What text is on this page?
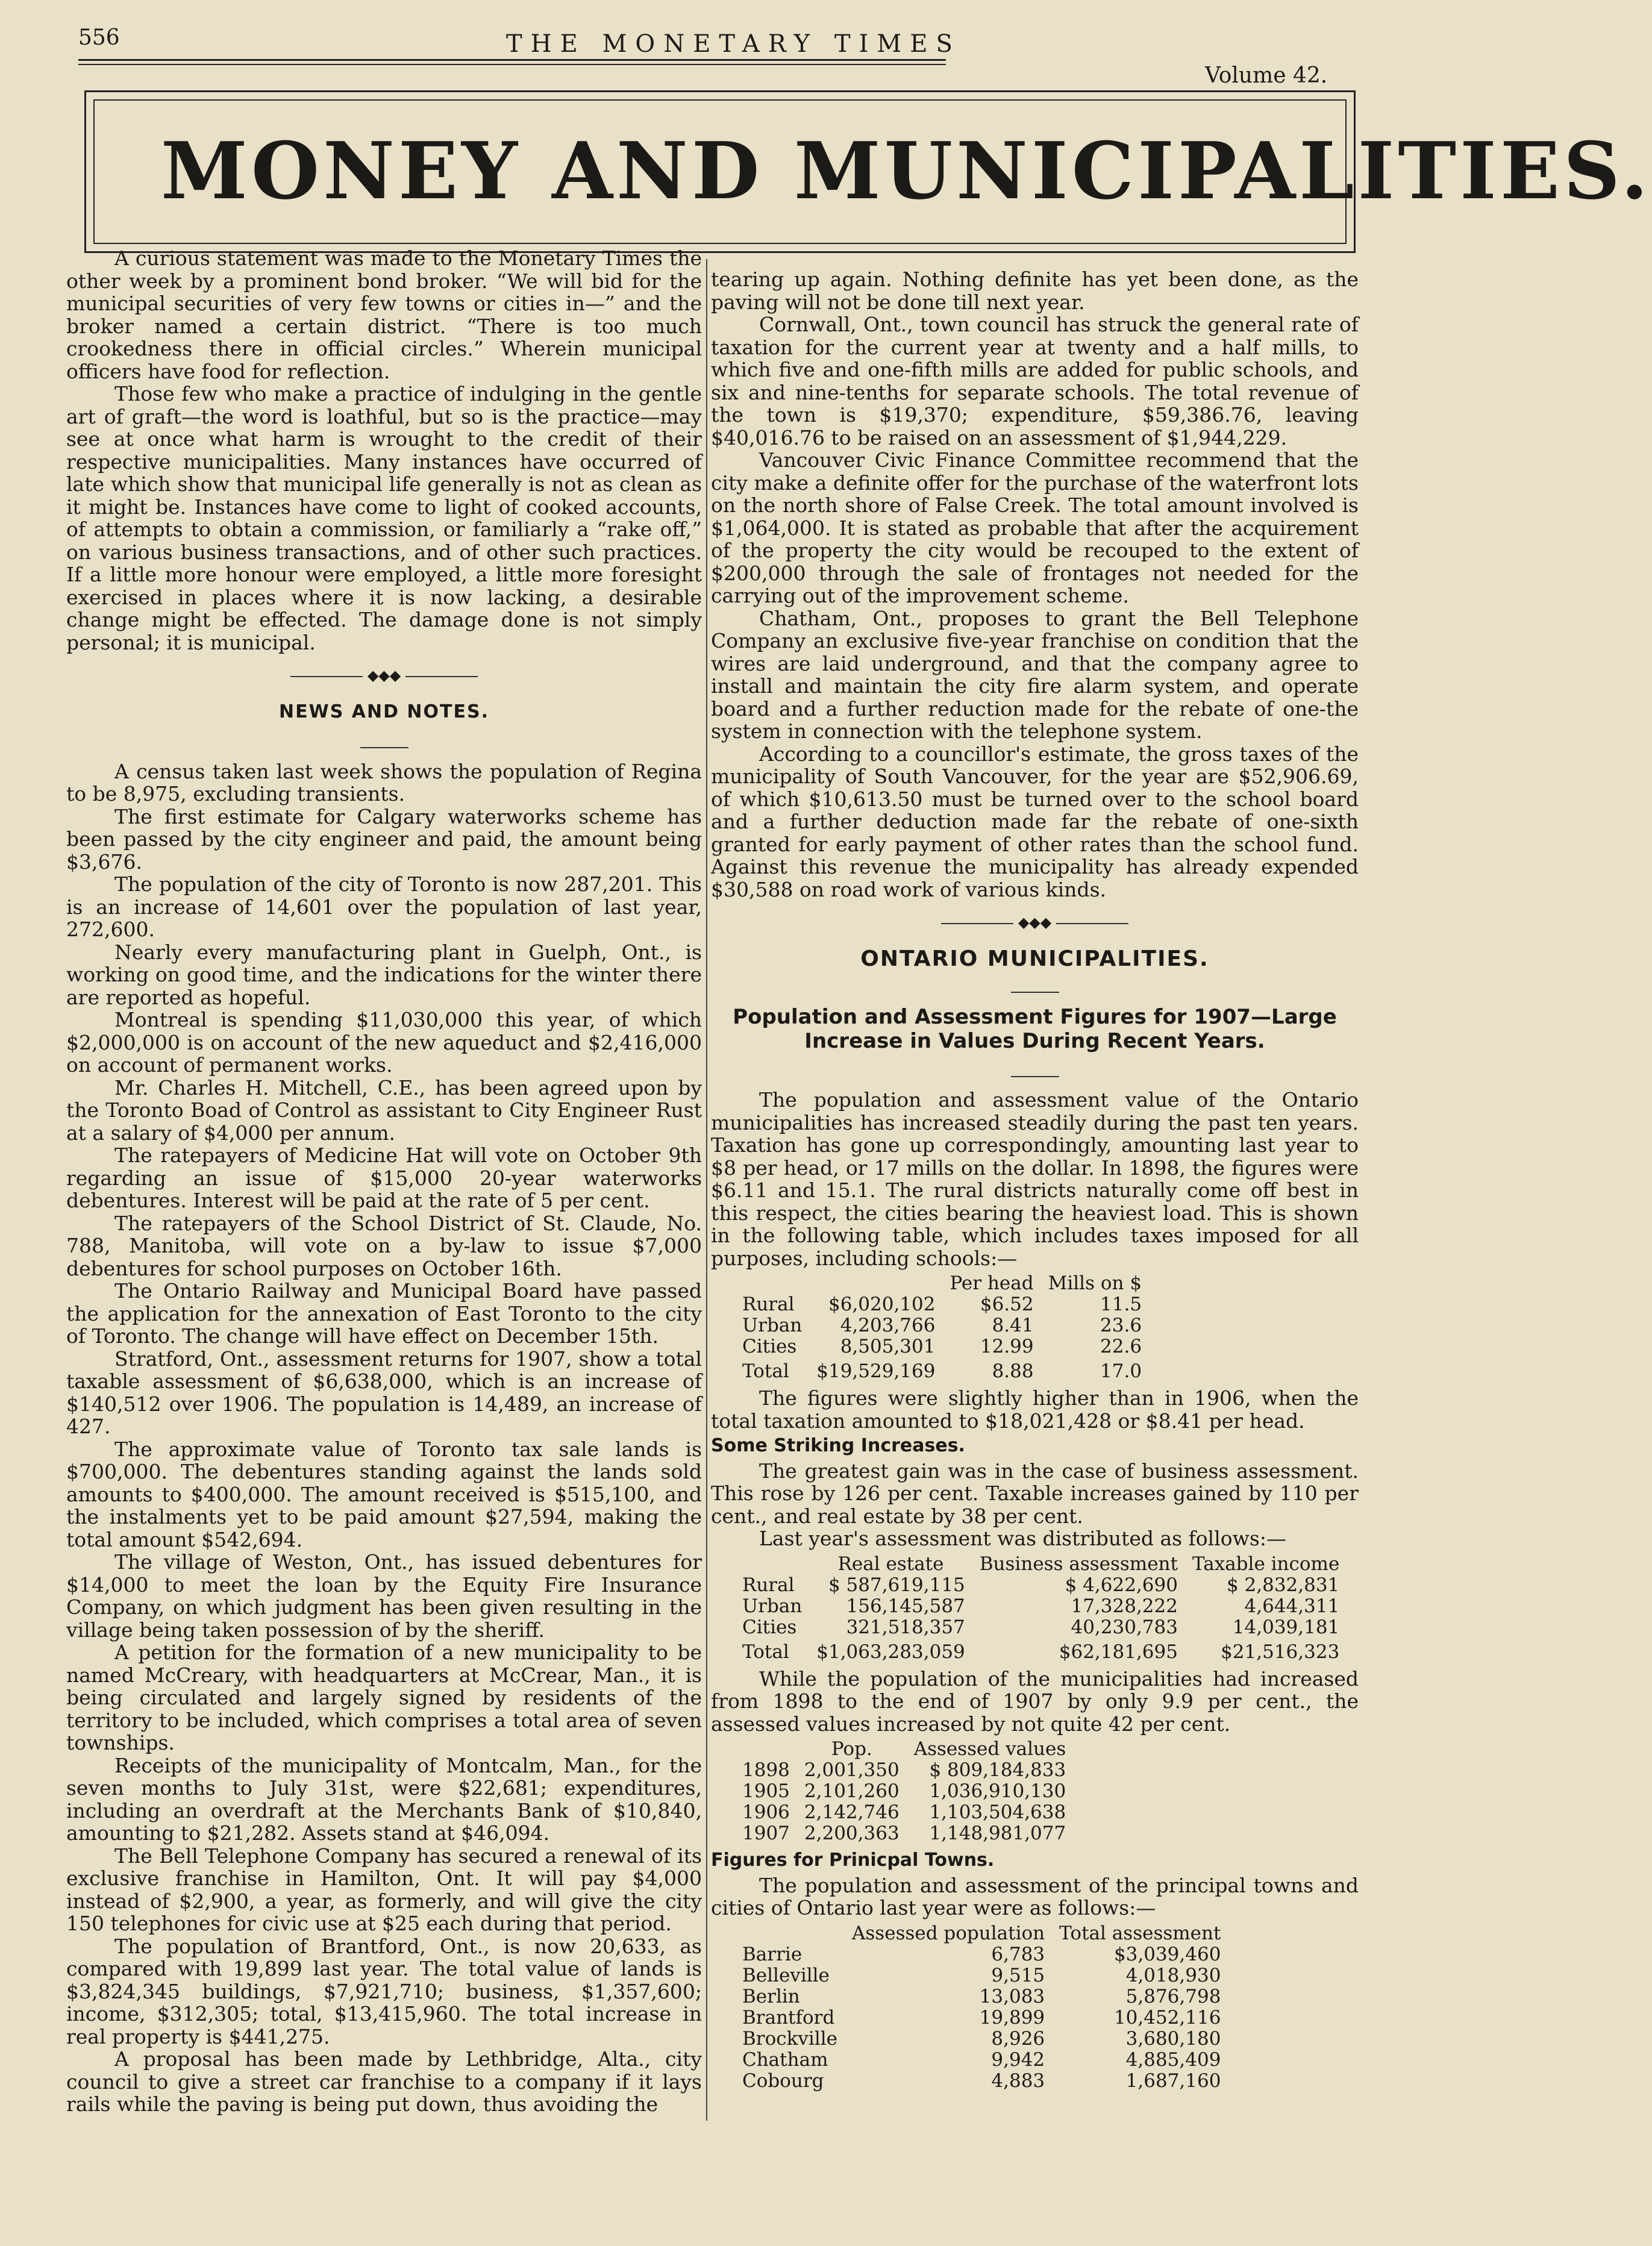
556	THE MONETARY TIMES
Volume 42.
MONEY AND MUNICIPALITIES.

A curious statement was made to the Monetary Times the other week by a prominent bond broker. “We will bid for the municipal securities of very few towns or cities in—” and the broker named a certain district. “There is too much crookedness there in official circles.” Wherein municipal officers have food for reflection.

Those few who make a practice of indulging in the gentle art of graft—the word is loathful, but so is the practice—may see at once what harm is wrought to the credit of their respective municipalities. Many instances have occurred of late which show that municipal life generally is not as clean as it might be. Instances have come to light of cooked accounts, of attempts to obtain a commission, or familiarly a “rake off,” on various business transactions, and of other such practices. If a little more honour were employed, a little more foresight exercised in places where it is now lacking, a desirable change might be effected. The damage done is not simply personal; it is municipal.

◆◆◆
NEWS AND NOTES.

A census taken last week shows the population of Regina to be 8,975, excluding transients.

The first estimate for Calgary waterworks scheme has been passed by the city engineer and paid, the amount being $3,676.

The population of the city of Toronto is now 287,201. This is an increase of 14,601 over the population of last year, 272,600.

Nearly every manufacturing plant in Guelph, Ont., is working on good time, and the indications for the winter there are reported as hopeful.

Montreal is spending $11,030,000 this year, of which $2,000,000 is on account of the new aqueduct and $2,416,000 on account of permanent works.

Mr. Charles H. Mitchell, C.E., has been agreed upon by the Toronto Boad of Control as assistant to City Engineer Rust at a salary of $4,000 per annum.

The ratepayers of Medicine Hat will vote on October 9th regarding an issue of $15,000 20-year waterworks debentures. Interest will be paid at the rate of 5 per cent.

The ratepayers of the School District of St. Claude, No. 788, Manitoba, will vote on a by-law to issue $7,000 debentures for school purposes on October 16th.

The Ontario Railway and Municipal Board have passed the application for the annexation of East Toronto to the city of Toronto. The change will have effect on December 15th.

Stratford, Ont., assessment returns for 1907, show a total taxable assessment of $6,638,000, which is an increase of $140,512 over 1906. The population is 14,489, an increase of 427.

The approximate value of Toronto tax sale lands is $700,000. The debentures standing against the lands sold amounts to $400,000. The amount received is $515,100, and the instalments yet to be paid amount $27,594, making the total amount $542,694.

The village of Weston, Ont., has issued debentures for $14,000 to meet the loan by the Equity Fire Insurance Company, on which judgment has been given resulting in the village being taken possession of by the sheriff.

A petition for the formation of a new municipality to be named McCreary, with headquarters at McCrear, Man., it is being circulated and largely signed by residents of the territory to be included, which comprises a total area of seven townships.

Receipts of the municipality of Montcalm, Man., for the seven months to July 31st, were $22,681; expenditures, including an overdraft at the Merchants Bank of $10,840, amounting to $21,282. Assets stand at $46,094.

The Bell Telephone Company has secured a renewal of its exclusive franchise in Hamilton, Ont. It will pay $4,000 instead of $2,900, a year, as formerly, and will give the city 150 telephones for civic use at $25 each during that period.

The population of Brantford, Ont., is now 20,633, as compared with 19,899 last year. The total value of lands is $3,824,345 buildings, $7,921,710; business, $1,357,600; income, $312,305; total, $13,415,960. The total increase in real property is $441,275.

A proposal has been made by Lethbridge, Alta., city council to give a street car franchise to a company if it lays rails while the paving is being put down, thus avoiding the

tearing up again. Nothing definite has yet been done, as the paving will not be done till next year.

Cornwall, Ont., town council has struck the general rate of taxation for the current year at twenty and a half mills, to which five and one-fifth mills are added for public schools, and six and nine-tenths for separate schools. The total revenue of the town is $19,370; expenditure, $59,386.76, leaving $40,016.76 to be raised on an assessment of $1,944,229.

Vancouver Civic Finance Committee recommend that the city make a definite offer for the purchase of the waterfront lots on the north shore of False Creek. The total amount involved is $1,064,000. It is stated as probable that after the acquirement of the property the city would be recouped to the extent of $200,000 through the sale of frontages not needed for the carrying out of the improvement scheme.

Chatham, Ont., proposes to grant the Bell Telephone Company an exclusive five-year franchise on condition that the wires are laid underground, and that the company agree to install and maintain the city fire alarm system, and operate board and a further reduction made for the rebate of one-the system in connection with the telephone system.

According to a councillor's estimate, the gross taxes of the municipality of South Vancouver, for the year are $52,906.69, of which $10,613.50 must be turned over to the school board and a further deduction made far the rebate of one-sixth granted for early payment of other rates than the school fund. Against this revenue the municipality has already expended $30,588 on road work of various kinds.

◆◆◆
ONTARIO MUNICIPALITIES.
Population and Assessment Figures for 1907—Large Increase in Values During Recent Years.

The population and assessment value of the Ontario municipalities has increased steadily during the past ten years. Taxation has gone up correspondingly, amounting last year to $8 per head, or 17 mills on the dollar. In 1898, the figures were $6.11 and 15.1. The rural districts naturally come off best in this respect, the cities bearing the heaviest load. This is shown in the following table, which includes taxes imposed for all purposes, including schools:—

		Per head	Mills on $
Rural	$6,020,102	$6.52	11.5
Urban	4,203,766	8.41	23.6
Cities	8,505,301	12.99	22.6
Total	$19,529,169	8.88	17.0

The figures were slightly higher than in 1906, when the total taxation amounted to $18,021,428 or $8.41 per head.

Some Striking Increases.

The greatest gain was in the case of business assessment. This rose by 126 per cent. Taxable increases gained by 110 per cent., and real estate by 38 per cent.

Last year's assessment was distributed as follows:—

	Real estate	Business assessment	Taxable income
Rural	$ 587,619,115	$ 4,622,690	$ 2,832,831
Urban	156,145,587	17,328,222	4,644,311
Cities	321,518,357	40,230,783	14,039,181
Total	$1,063,283,059	$62,181,695	$21,516,323

While the population of the municipalities had increased from 1898 to the end of 1907 by only 9.9 per cent., the assessed values increased by not quite 42 per cent.

	Pop.	Assessed values
1898	2,001,350	$ 809,184,833
1905	2,101,260	1,036,910,130
1906	2,142,746	1,103,504,638
1907	2,200,363	1,148,981,077
Figures for Prinicpal Towns.

The population and assessment of the principal towns and cities of Ontario last year were as follows:—

	Assessed population	Total assessment
Barrie	6,783	$3,039,460
Belleville	9,515	4,018,930
Berlin	13,083	5,876,798
Brantford	19,899	10,452,116
Brockville	8,926	3,680,180
Chatham	9,942	4,885,409
Cobourg	4,883	1,687,160
